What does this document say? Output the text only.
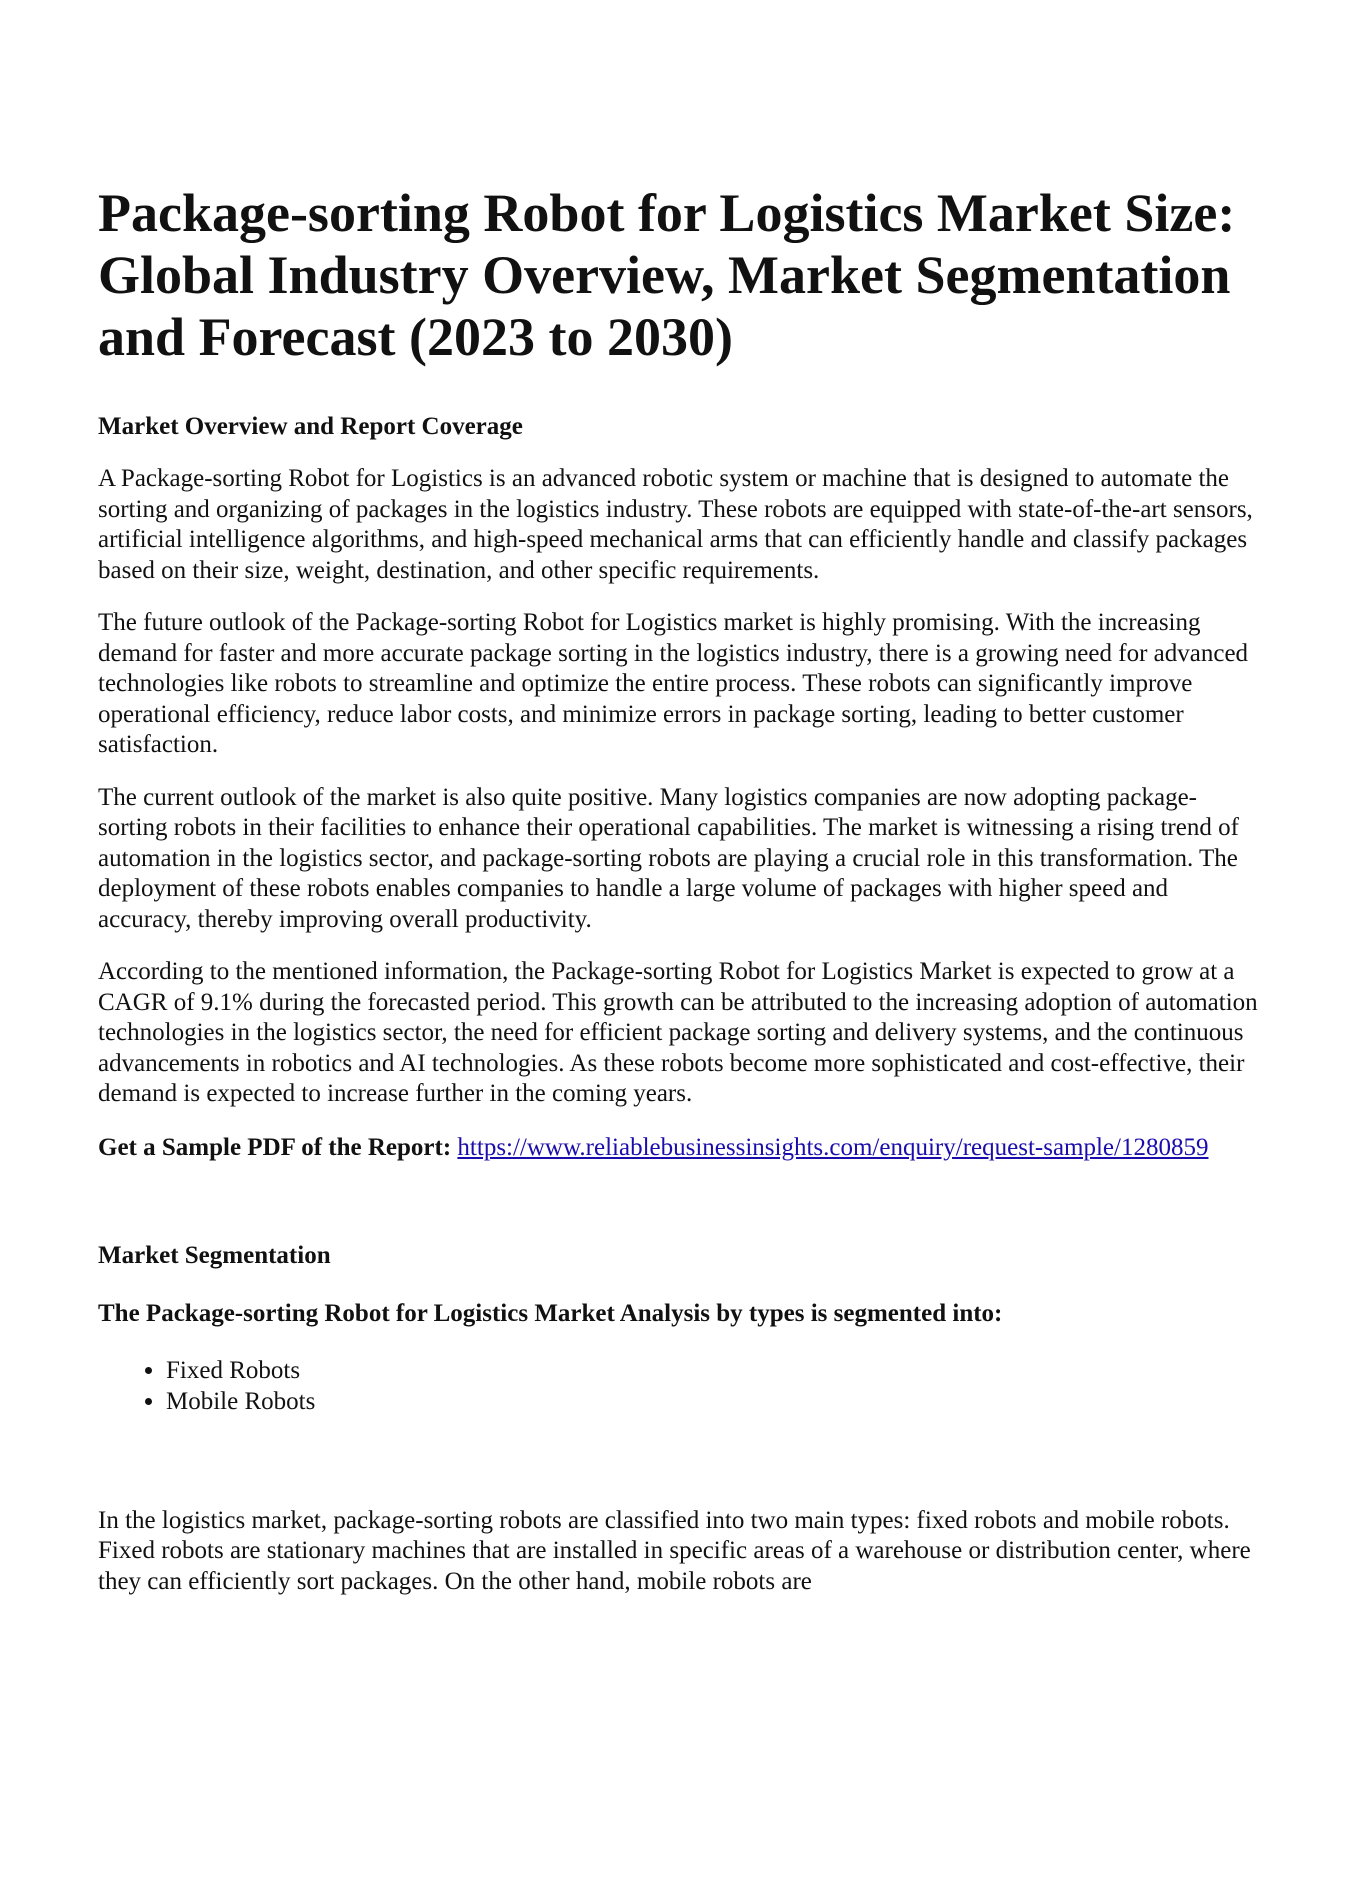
Package-sorting Robot for Logistics Market Size: Global Industry Overview, Market Segmentation and Forecast (2023 to 2030)
Market Overview and Report Coverage

A Package-sorting Robot for Logistics is an advanced robotic system or machine that is designed to automate the sorting and organizing of packages in the logistics industry. These robots are equipped with state-of-the-art sensors, artificial intelligence algorithms, and high-speed mechanical arms that can efficiently handle and classify packages based on their size, weight, destination, and other specific requirements.

The future outlook of the Package-sorting Robot for Logistics market is highly promising. With the increasing demand for faster and more accurate package sorting in the logistics industry, there is a growing need for advanced technologies like robots to streamline and optimize the entire process. These robots can significantly improve operational efficiency, reduce labor costs, and minimize errors in package sorting, leading to better customer satisfaction.

The current outlook of the market is also quite positive. Many logistics companies are now adopting package-sorting robots in their facilities to enhance their operational capabilities. The market is witnessing a rising trend of automation in the logistics sector, and package-sorting robots are playing a crucial role in this transformation. The deployment of these robots enables companies to handle a large volume of packages with higher speed and accuracy, thereby improving overall productivity.

According to the mentioned information, the Package-sorting Robot for Logistics Market is expected to grow at a CAGR of 9.1% during the forecasted period. This growth can be attributed to the increasing adoption of automation technologies in the logistics sector, the need for efficient package sorting and delivery systems, and the continuous advancements in robotics and AI technologies. As these robots become more sophisticated and cost-effective, their demand is expected to increase further in the coming years.

Get a Sample PDF of the Report: https://www.reliablebusinessinsights.com/enquiry/request-sample/1280859
Market Segmentation
The Package-sorting Robot for Logistics Market Analysis by types is segmented into:
• Fixed Robots
• Mobile Robots

In the logistics market, package-sorting robots are classified into two main types: fixed robots and mobile robots. Fixed robots are stationary machines that are installed in specific areas of a warehouse or distribution center, where they can efficiently sort packages. On the other hand, mobile robots are
